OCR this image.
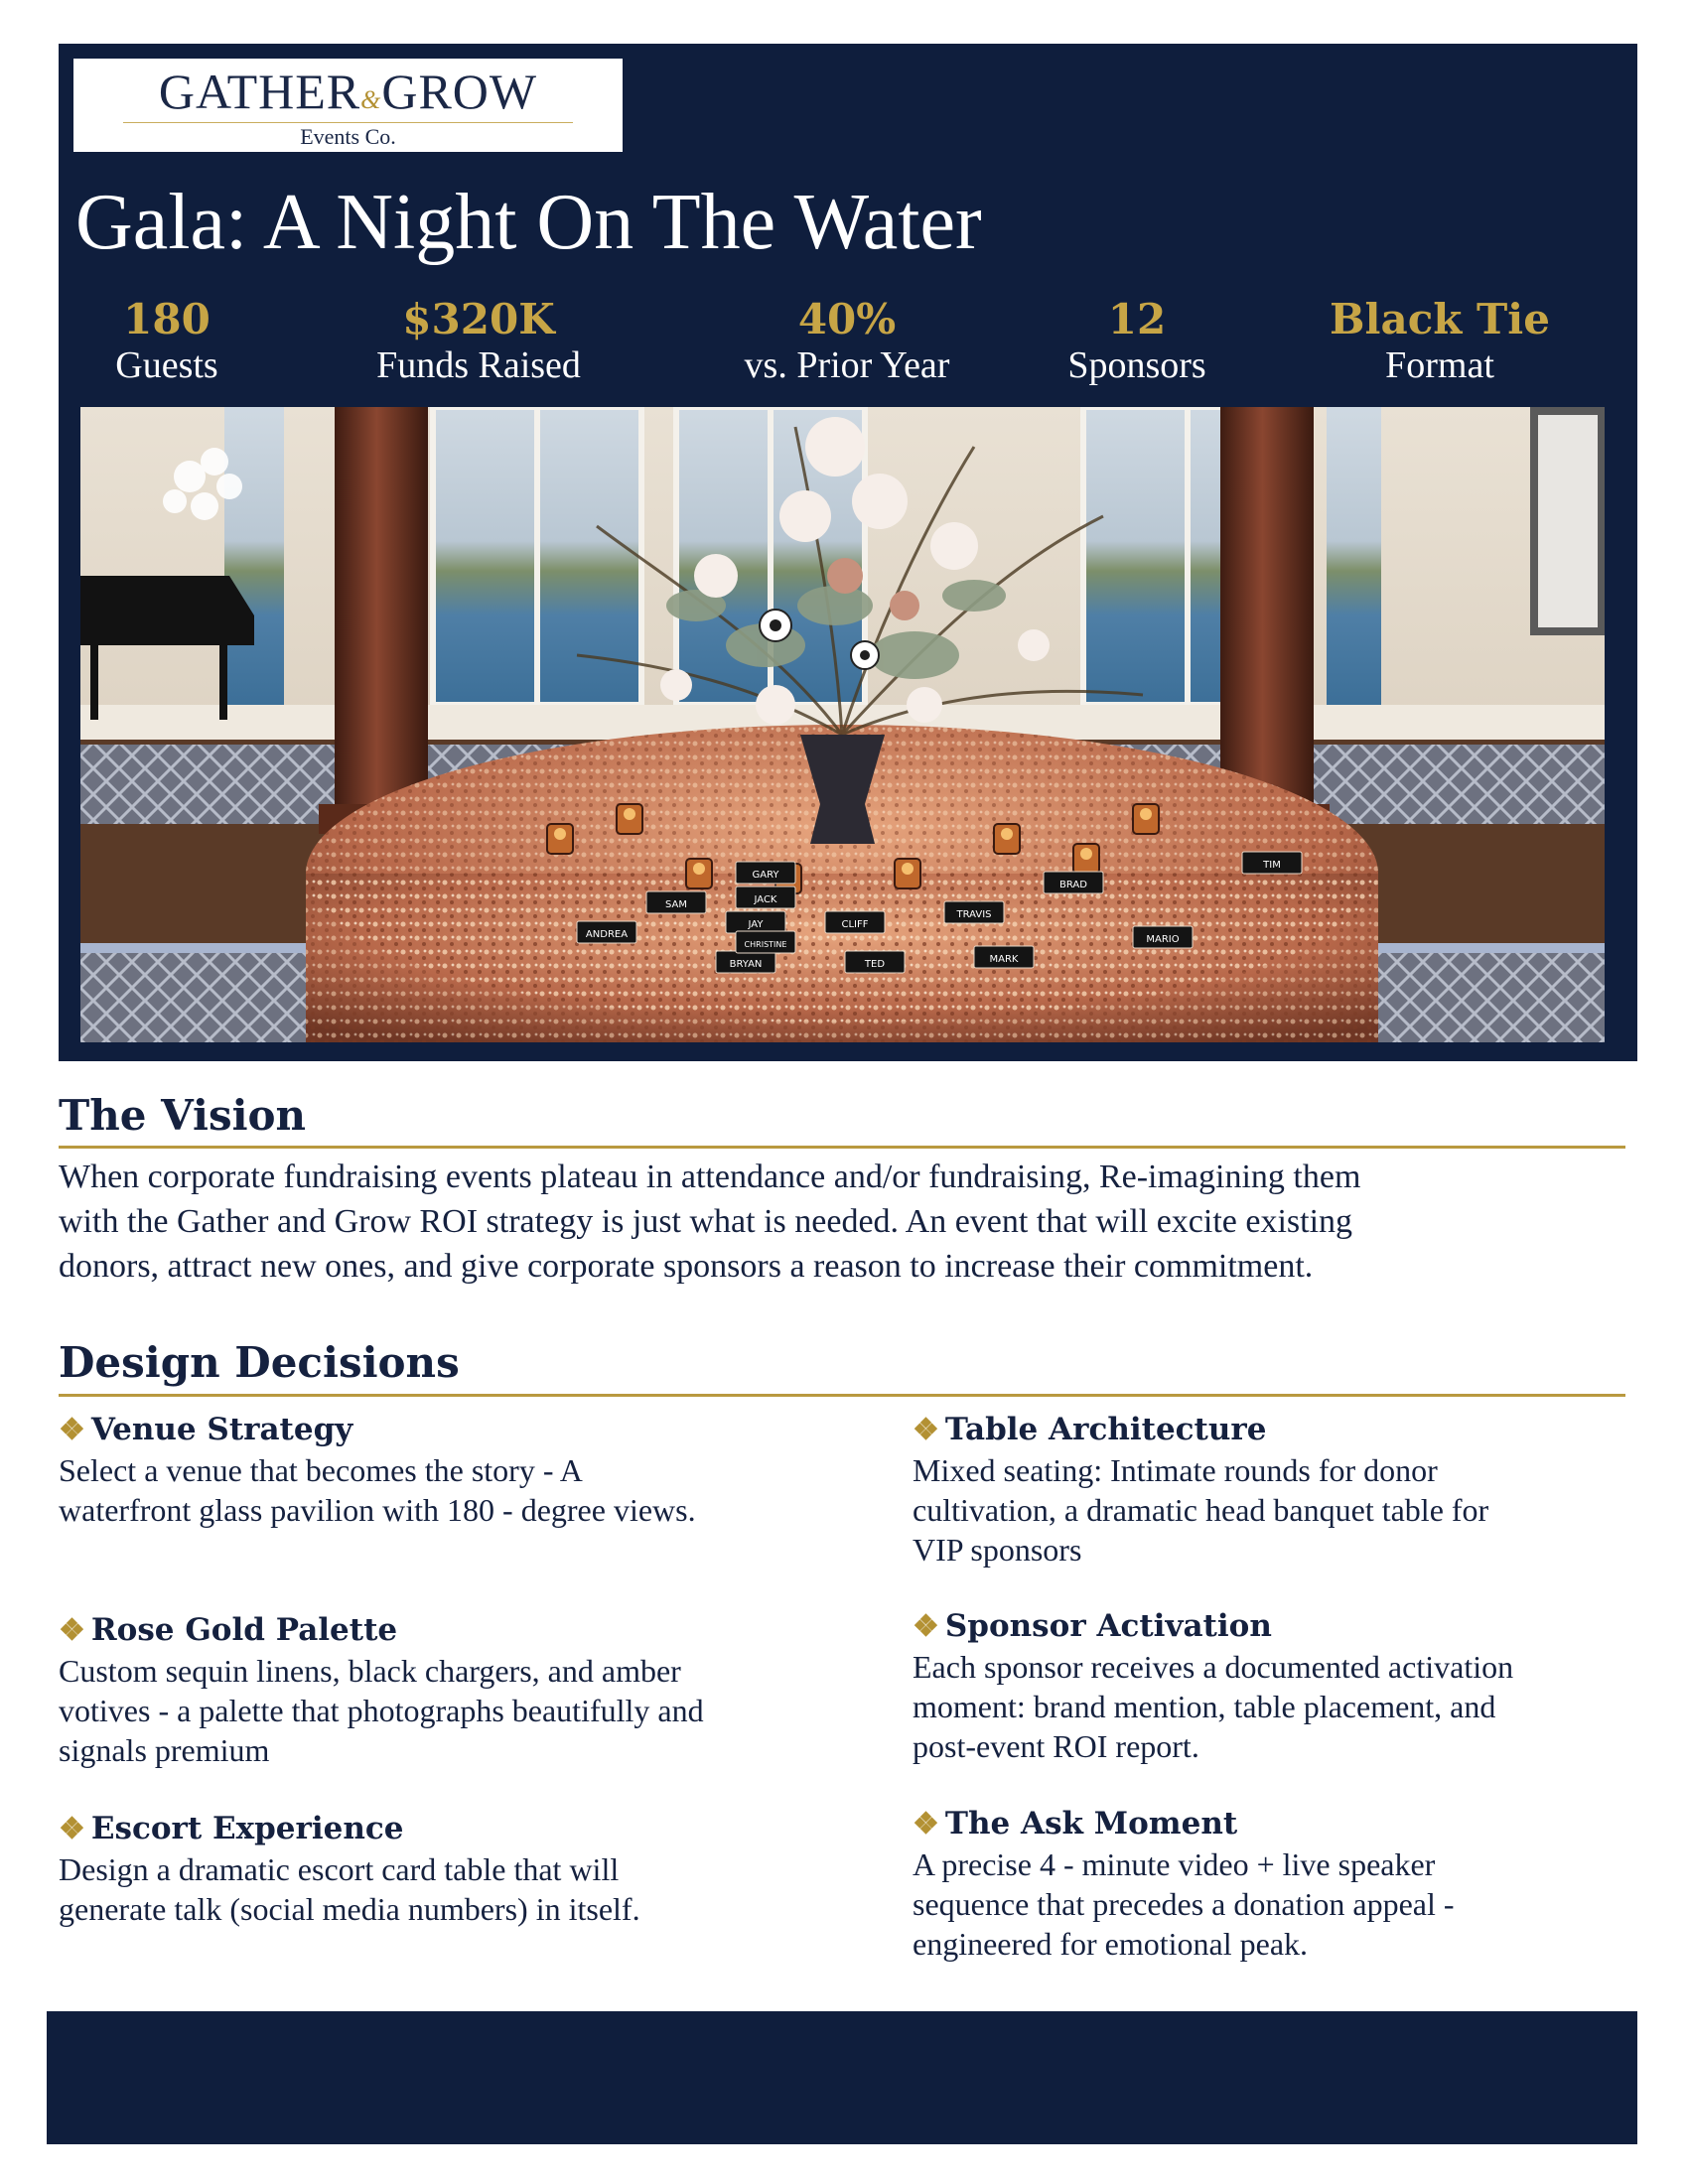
GATHER&GROW
Events Co.
Gala: A Night On The Water
180
Guests
$320K
Funds Raised
40%
vs. Prior Year
12
Sponsors
Black Tie
Format
GARY
JACK
CLIFF
JAY
BRYAN	TED	MARK
MARIO
ANDREA
CHRISTINE
TRAVIS
BRAD
TIM
SAM
The Vision

When corporate fundraising events plateau in attendance and/or fundraising, Re-imagining them
with the Gather and Grow ROI strategy is just what is needed. An event that will excite existing
donors, attract new ones, and give corporate sponsors a reason to increase their commitment.

Design Decisions
❖ Venue Strategy
Select a venue that becomes the story - A
waterfront glass pavilion with 180 - degree views.
❖ Table Architecture
Mixed seating: Intimate rounds for donor
cultivation, a dramatic head banquet table for
VIP sponsors
❖ Rose Gold Palette
Custom sequin linens, black chargers, and amber
votives - a palette that photographs beautifully and
signals premium
❖ Sponsor Activation
Each sponsor receives a documented activation
moment: brand mention, table placement, and
post-event ROI report.
❖ Escort Experience
Design a dramatic escort card table that will
generate talk (social media numbers) in itself.
❖ The Ask Moment
A precise 4 - minute video + live speaker
sequence that precedes a donation appeal -
engineered for emotional peak.
